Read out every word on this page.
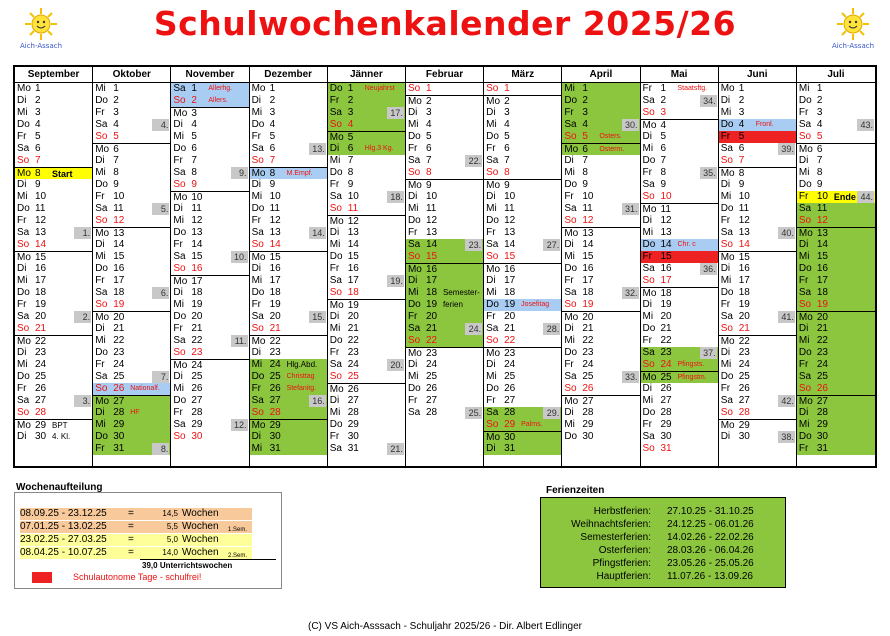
Schulwochenkalender 2025/26
Aich-Assach	Aich-Assach
September
Mo 1
Di 2
Mi 3
Do 4
Fr 5
Sa 6
So 7
Mo 8 Start
Di 9
Mi 10
Do 11
Fr 12
Sa 13	1.
So 14
Mo 15
Di 16
Mi 17
Do 18
Fr 19
Sa 20	2.
So 21
Mo 22
Di 23
Mi 24
Do 25
Fr 26
Sa 27	3.
So 28
Mo 29 BPT
Di 30 4. Kl.
Oktober
Mi 1
Do 2
Fr 3
Sa 4	4.
So 5
Mo 6
Di 7
Mi 8
Do 9
Fr 10
Sa 11	5.
So 12
Mo 13
Di 14
Mi 15
Do 16
Fr 17
Sa 18	6.
So 19
Mo 20
Di 21
Mi 22
Do 23
Fr 24
Sa 25	7.
So 26 Nationalf.
Mo 27
Di 28 HF
Mi 29
Do 30
Fr 31	8.
November
Sa 1 Allerhg.
So 2 Allers.
Mo 3
Di 4
Mi 5
Do 6
Fr 7
Sa 8	9.
So 9
Mo 10
Di 11
Mi 12
Do 13
Fr 14
Sa 15	10.
So 16
Mo 17
Di 18
Mi 19
Do 20
Fr 21
Sa 22	11.
So 23
Mo 24
Di 25
Mi 26
Do 27
Fr 28
Sa 29	12.
So 30
Dezember
Mo 1
Di 2
Mi 3
Do 4
Fr 5
Sa 6	13.
So 7
Mo 8 M.Empf.
Di 9
Mi 10
Do 11
Fr 12
Sa 13	14.
So 14
Mo 15
Di 16
Mi 17
Do 18
Fr 19
Sa 20	15.
So 21
Mo 22
Di 23
Mi 24 Hlg.Abd.
Do 25 Christtag
Fr 26 Stefanitg.
Sa 27	16.
So 28
Mo 29
Di 30
Mi 31
Jänner
Do 1 Neujahrst
Fr 2
Sa 3	17.
So 4
Mo 5
Di 6 Hlg.3 Kg.
Mi 7
Do 8
Fr 9
Sa 10	18.
So 11
Mo 12
Di 13
Mi 14
Do 15
Fr 16
Sa 17	19.
So 18
Mo 19
Di 20
Mi 21
Do 22
Fr 23
Sa 24	20.
So 25
Mo 26
Di 27
Mi 28
Do 29
Fr 30
Sa 31	21.
Februar
So 1
Mo 2
Di 3
Mi 4
Do 5
Fr 6
Sa 7	22.
So 8
Mo 9
Di 10
Mi 11
Do 12
Fr 13
Sa 14	23.
So 15
Mo 16
Di 17
Mi 18 Semester-
Do 19 ferien
Fr 20
Sa 21	24.
So 22
Mo 23
Di 24
Mi 25
Do 26
Fr 27
Sa 28	25.
März
So 1
Mo 2
Di 3
Mi 4
Do 5
Fr 6
Sa 7
So 8
Mo 9
Di 10
Mi 11
Do 12
Fr 13
Sa 14	27.
So 15
Mo 16
Di 17
Mi 18
Do 19 Josefitag
Fr 20
Sa 21	28.
So 22
Mo 23
Di 24
Mi 25
Do 26
Fr 27
Sa 28	29.
So 29 Palms.
Mo 30
Di 31
April
Mi 1
Do 2
Fr 3
Sa 4	30.
So 5 Osters.
Mo 6 Osterm.
Di 7
Mi 8
Do 9
Fr 10
Sa 11	31.
So 12
Mo 13
Di 14
Mi 15
Do 16
Fr 17
Sa 18	32.
So 19
Mo 20
Di 21
Mi 22
Do 23
Fr 24
Sa 25	33.
So 26
Mo 27
Di 28
Mi 29
Do 30
Mai
Fr 1 Staatsftg.
Sa 2	34.
So 3
Mo 4
Di 5
Mi 6
Do 7
Fr 8	35.
Sa 9
So 10
Mo 11
Di 12
Mi 13
Do 14 Chr. c
Fr 15
Sa 16	36.
So 17
Mo 18
Di 19
Mi 20
Do 21
Fr 22
Sa 23	37.
So 24 Pfingsts.
Mo 25 Pfingstm.
Di 26
Mi 27
Do 28
Fr 29
Sa 30
So 31
Juni
Mo 1
Di 2
Mi 3
Do 4 Fronl.
Fr 5
Sa 6	39.
So 7
Mo 8
Di 9
Mi 10
Do 11
Fr 12
Sa 13	40.
So 14
Mo 15
Di 16
Mi 17
Do 18
Fr 19
Sa 20	41.
So 21
Mo 22
Di 23
Mi 24
Do 25
Fr 26
Sa 27	42.
So 28
Mo 29
Di 30	38.
Juli
Mi 1
Do 2
Fr 3
Sa 4	43.
So 5
Mo 6
Di 7
Mi 8
Do 9
Fr 10 Ende 44.
Sa 11
So 12
Mo 13
Di 14
Mi 15
Do 16
Fr 17
Sa 18
So 19
Mo 20
Di 21
Mi 22
Do 23
Fr 24
Sa 25
So 26
Mo 27
Di 28
Mi 29
Do 30
Fr 31
Wochenaufteilung
08.09.25 - 23.12.25 =	14,5 Wochen
07.01.25 - 13.02.25 =	5,5 Wochen 1.Sem.
23.02.25 - 27.03.25 =	5,0 Wochen
08.04.25 - 10.07.25 =	14,0 Wochen 2.Sem.
39,0 Unterrichtswochen
Schulautonome Tage - schulfrei!
Ferienzeiten
Herbstferien: 27.10.25 - 31.10.25
Weihnachtsferien: 24.12.25 - 06.01.26
Semesterferien: 14.02.26 - 22.02.26
Osterferien: 28.03.26 - 06.04.26
Pfingstferien: 23.05.26 - 25.05.26
Hauptferien: 11.07.26 - 13.09.26
(C) VS Aich-Asssach - Schuljahr 2025/26 - Dir. Albert Edlinger
